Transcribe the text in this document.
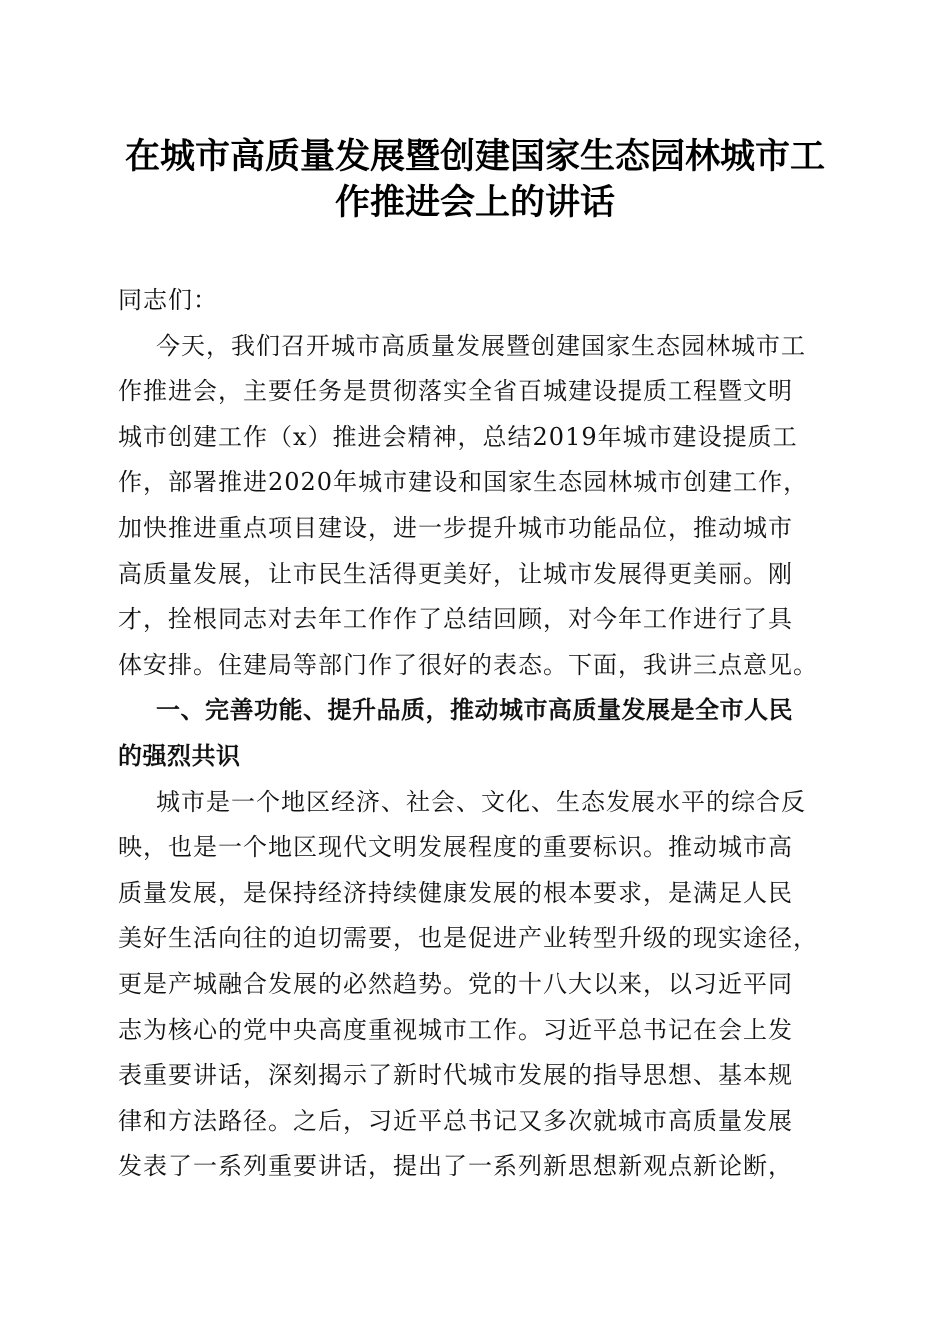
在城市高质量发展暨创建国家生态园林城市工
作推进会上的讲话

同志们：

今天，我们召开城市高质量发展暨创建国家生态园林城市工
作推进会，主要任务是贯彻落实全省百城建设提质工程暨文明
城市创建工作（x）推进会精神，总结2019年城市建设提质工
作，部署推进2020年城市建设和国家生态园林城市创建工作，
加快推进重点项目建设，进一步提升城市功能品位，推动城市
高质量发展，让市民生活得更美好，让城市发展得更美丽。刚
才，拴根同志对去年工作作了总结回顾，对今年工作进行了具
体安排。住建局等部门作了很好的表态。下面，我讲三点意见。

一、完善功能、提升品质，推动城市高质量发展是全市人民
的强烈共识

城市是一个地区经济、社会、文化、生态发展水平的综合反
映，也是一个地区现代文明发展程度的重要标识。推动城市高
质量发展，是保持经济持续健康发展的根本要求，是满足人民
美好生活向往的迫切需要，也是促进产业转型升级的现实途径，
更是产城融合发展的必然趋势。党的十八大以来，以习近平同
志为核心的党中央高度重视城市工作。习近平总书记在会上发
表重要讲话，深刻揭示了新时代城市发展的指导思想、基本规
律和方法路径。之后，习近平总书记又多次就城市高质量发展
发表了一系列重要讲话，提出了一系列新思想新观点新论断，
